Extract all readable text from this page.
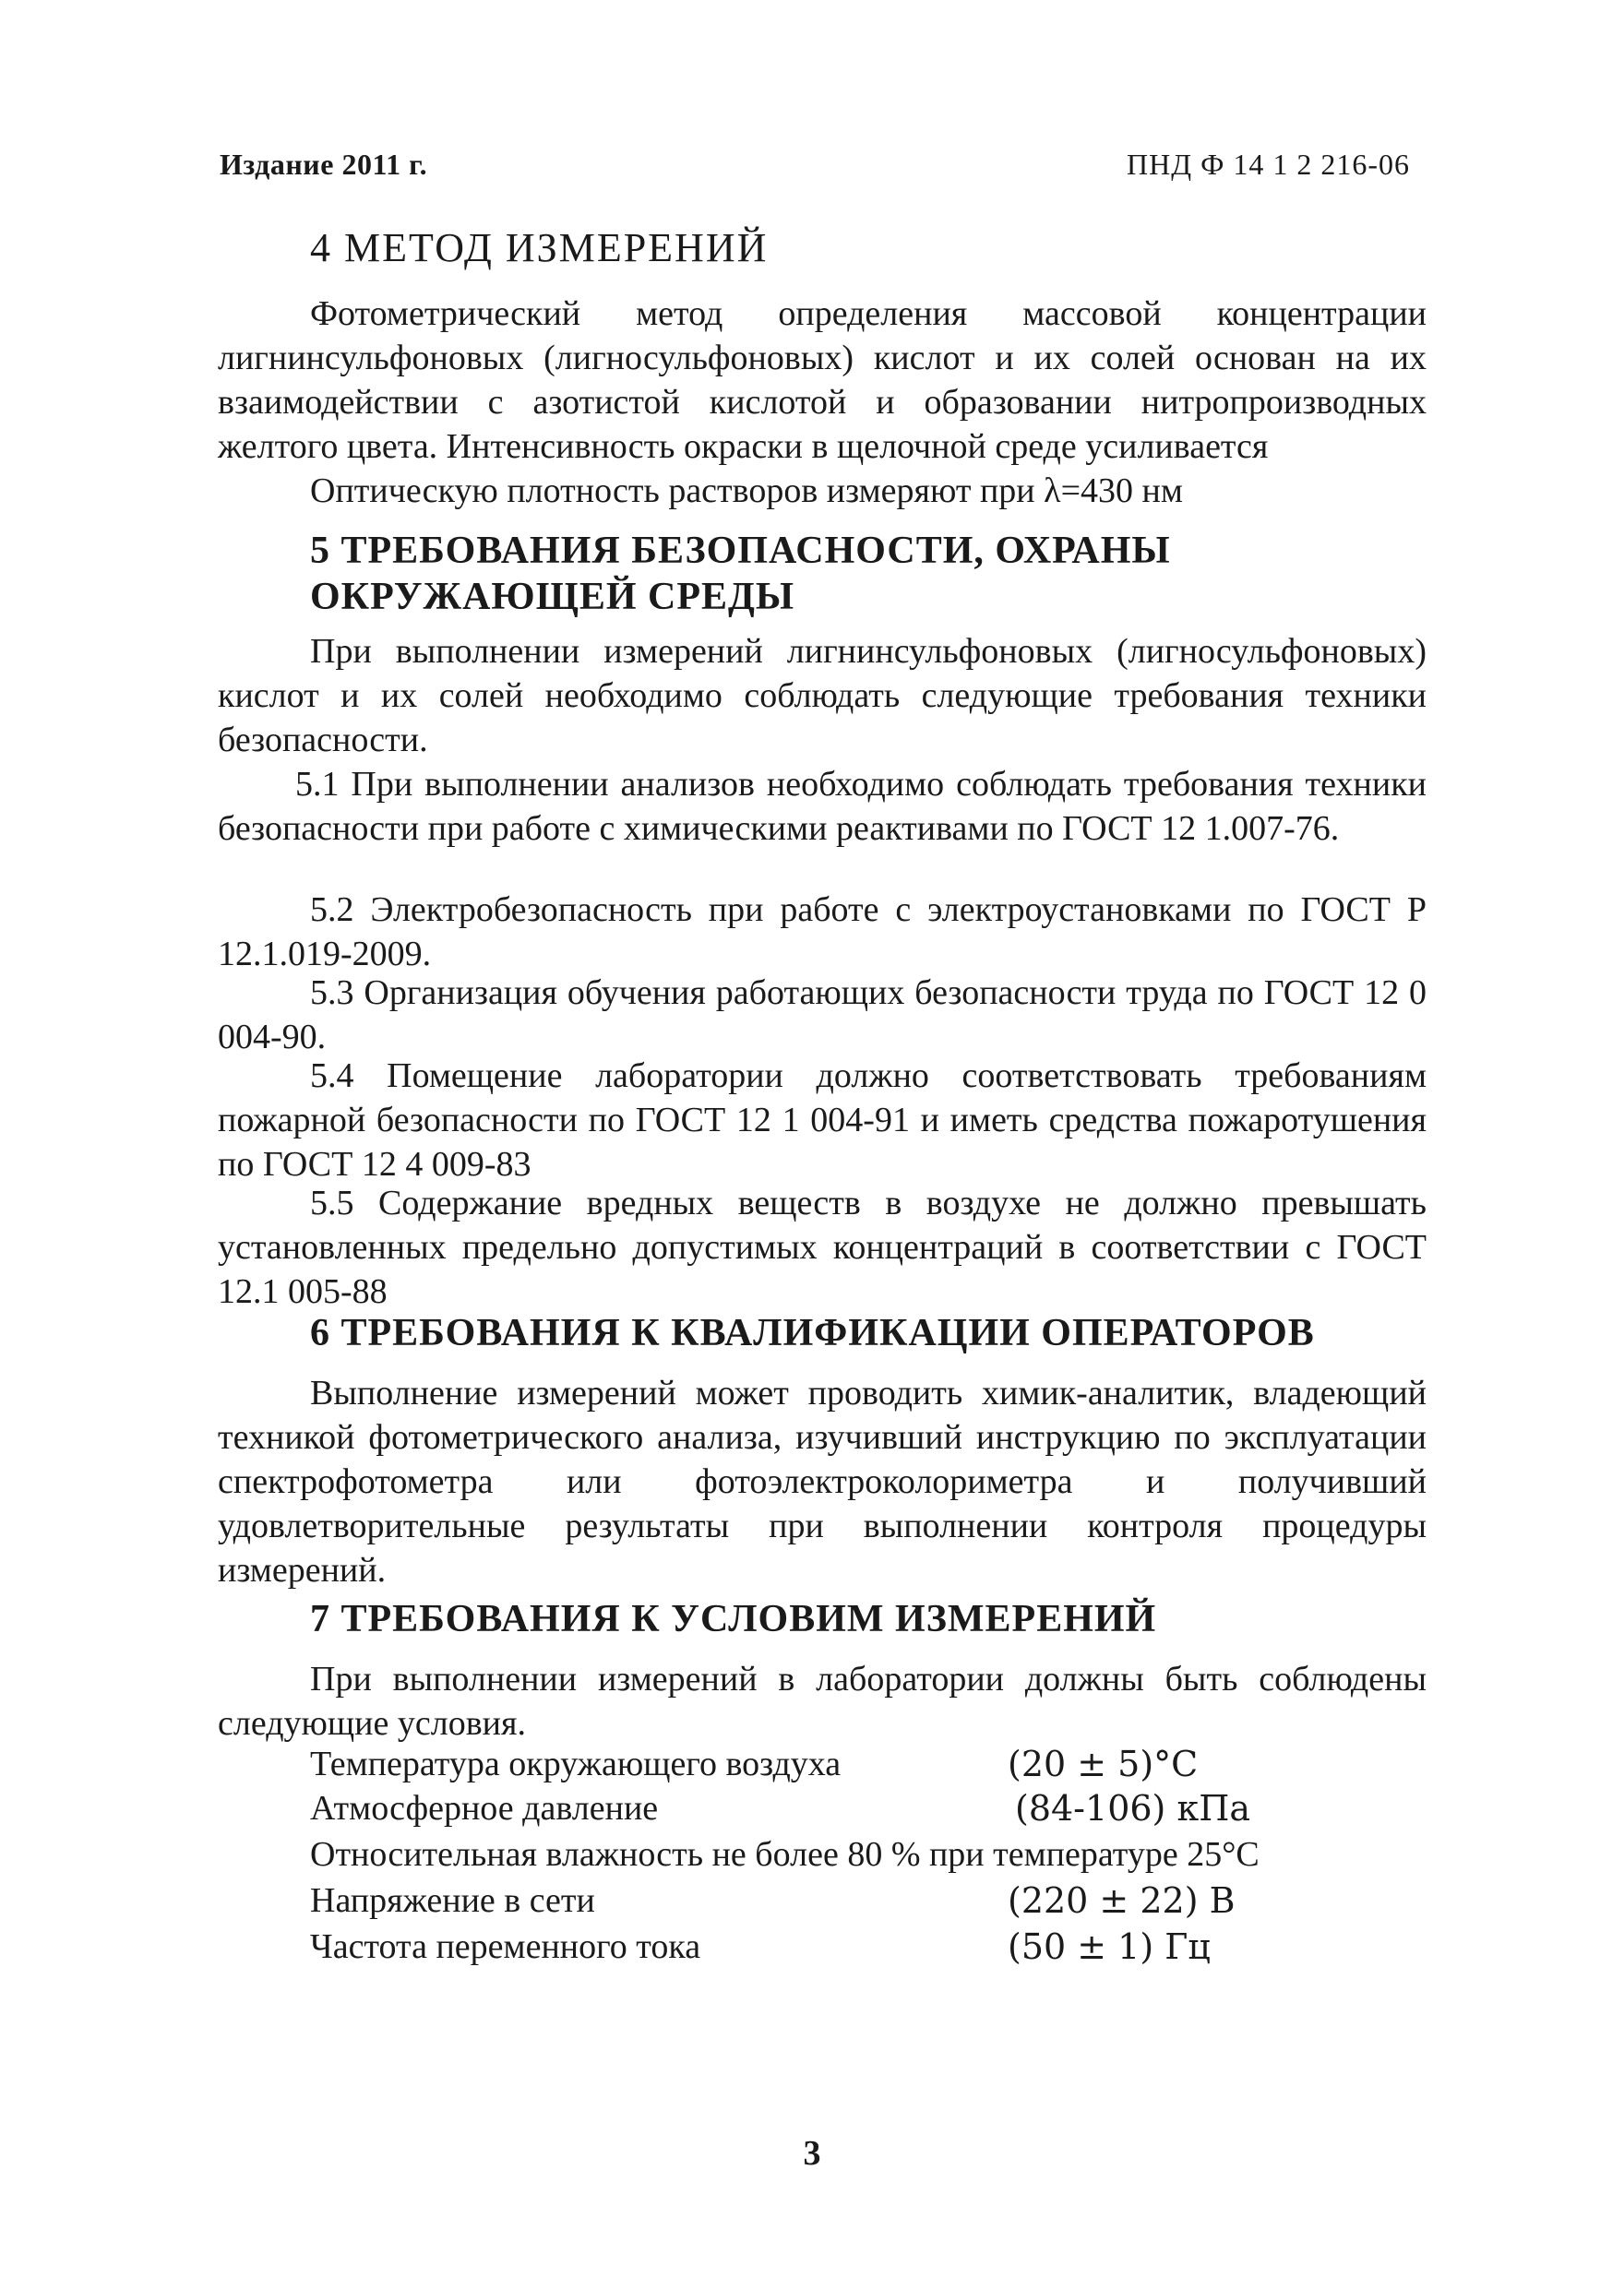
Издание 2011 г.	ПНД Ф 14 1 2 216-06
4 МЕТОД ИЗМЕРЕНИЙ
Фотометрический метод определения массовой концентрации лигнинсульфоновых (лигносульфоновых) кислот и их солей основан на их взаимодействии с азотистой кислотой и образовании нитропроизводных желтого цвета. Интенсивность окраски в щелочной среде усиливается
Оптическую плотность растворов измеряют при λ=430 нм
5 ТРЕБОВАНИЯ БЕЗОПАСНОСТИ, ОХРАНЫ
ОКРУЖАЮЩЕЙ СРЕДЫ
При выполнении измерений лигнинсульфоновых (лигносульфоновых) кислот и их солей необходимо соблюдать следующие требования техники безопасности.
5.1 При выполнении анализов необходимо соблюдать требования техники безопасности при работе с химическими реактивами по ГОСТ 12 1.007-76.
5.2 Электробезопасность при работе с электроустановками по ГОСТ Р 12.1.019-2009.
5.3 Организация обучения работающих безопасности труда по ГОСТ 12 0 004-90.
5.4 Помещение лаборатории должно соответствовать требованиям пожарной безопасности по ГОСТ 12 1 004-91 и иметь средства пожаротушения по ГОСТ 12 4 009-83
5.5 Содержание вредных веществ в воздухе не должно превышать установленных предельно допустимых концентраций в соответствии с ГОСТ 12.1 005-88
6 ТРЕБОВАНИЯ К КВАЛИФИКАЦИИ ОПЕРАТОРОВ
Выполнение измерений может проводить химик-аналитик, владеющий техникой фотометрического анализа, изучивший инструкцию по эксплуатации спектрофотометра или фотоэлектроколориметра и получивший удовлетворительные результаты при выполнении контроля процедуры измерений.
7 ТРЕБОВАНИЯ К УСЛОВИМ ИЗМЕРЕНИЙ
При выполнении измерений в лаборатории должны быть соблюдены следующие условия.
Температура окружающего воздуха	(20 ± 5)°С
Атмосферное давление	(84-106) кПа
Относительная влажность не более 80 % при температуре 25°С
Напряжение в сети	(220 ± 22) В
Частота переменного тока	(50 ± 1) Гц
3
